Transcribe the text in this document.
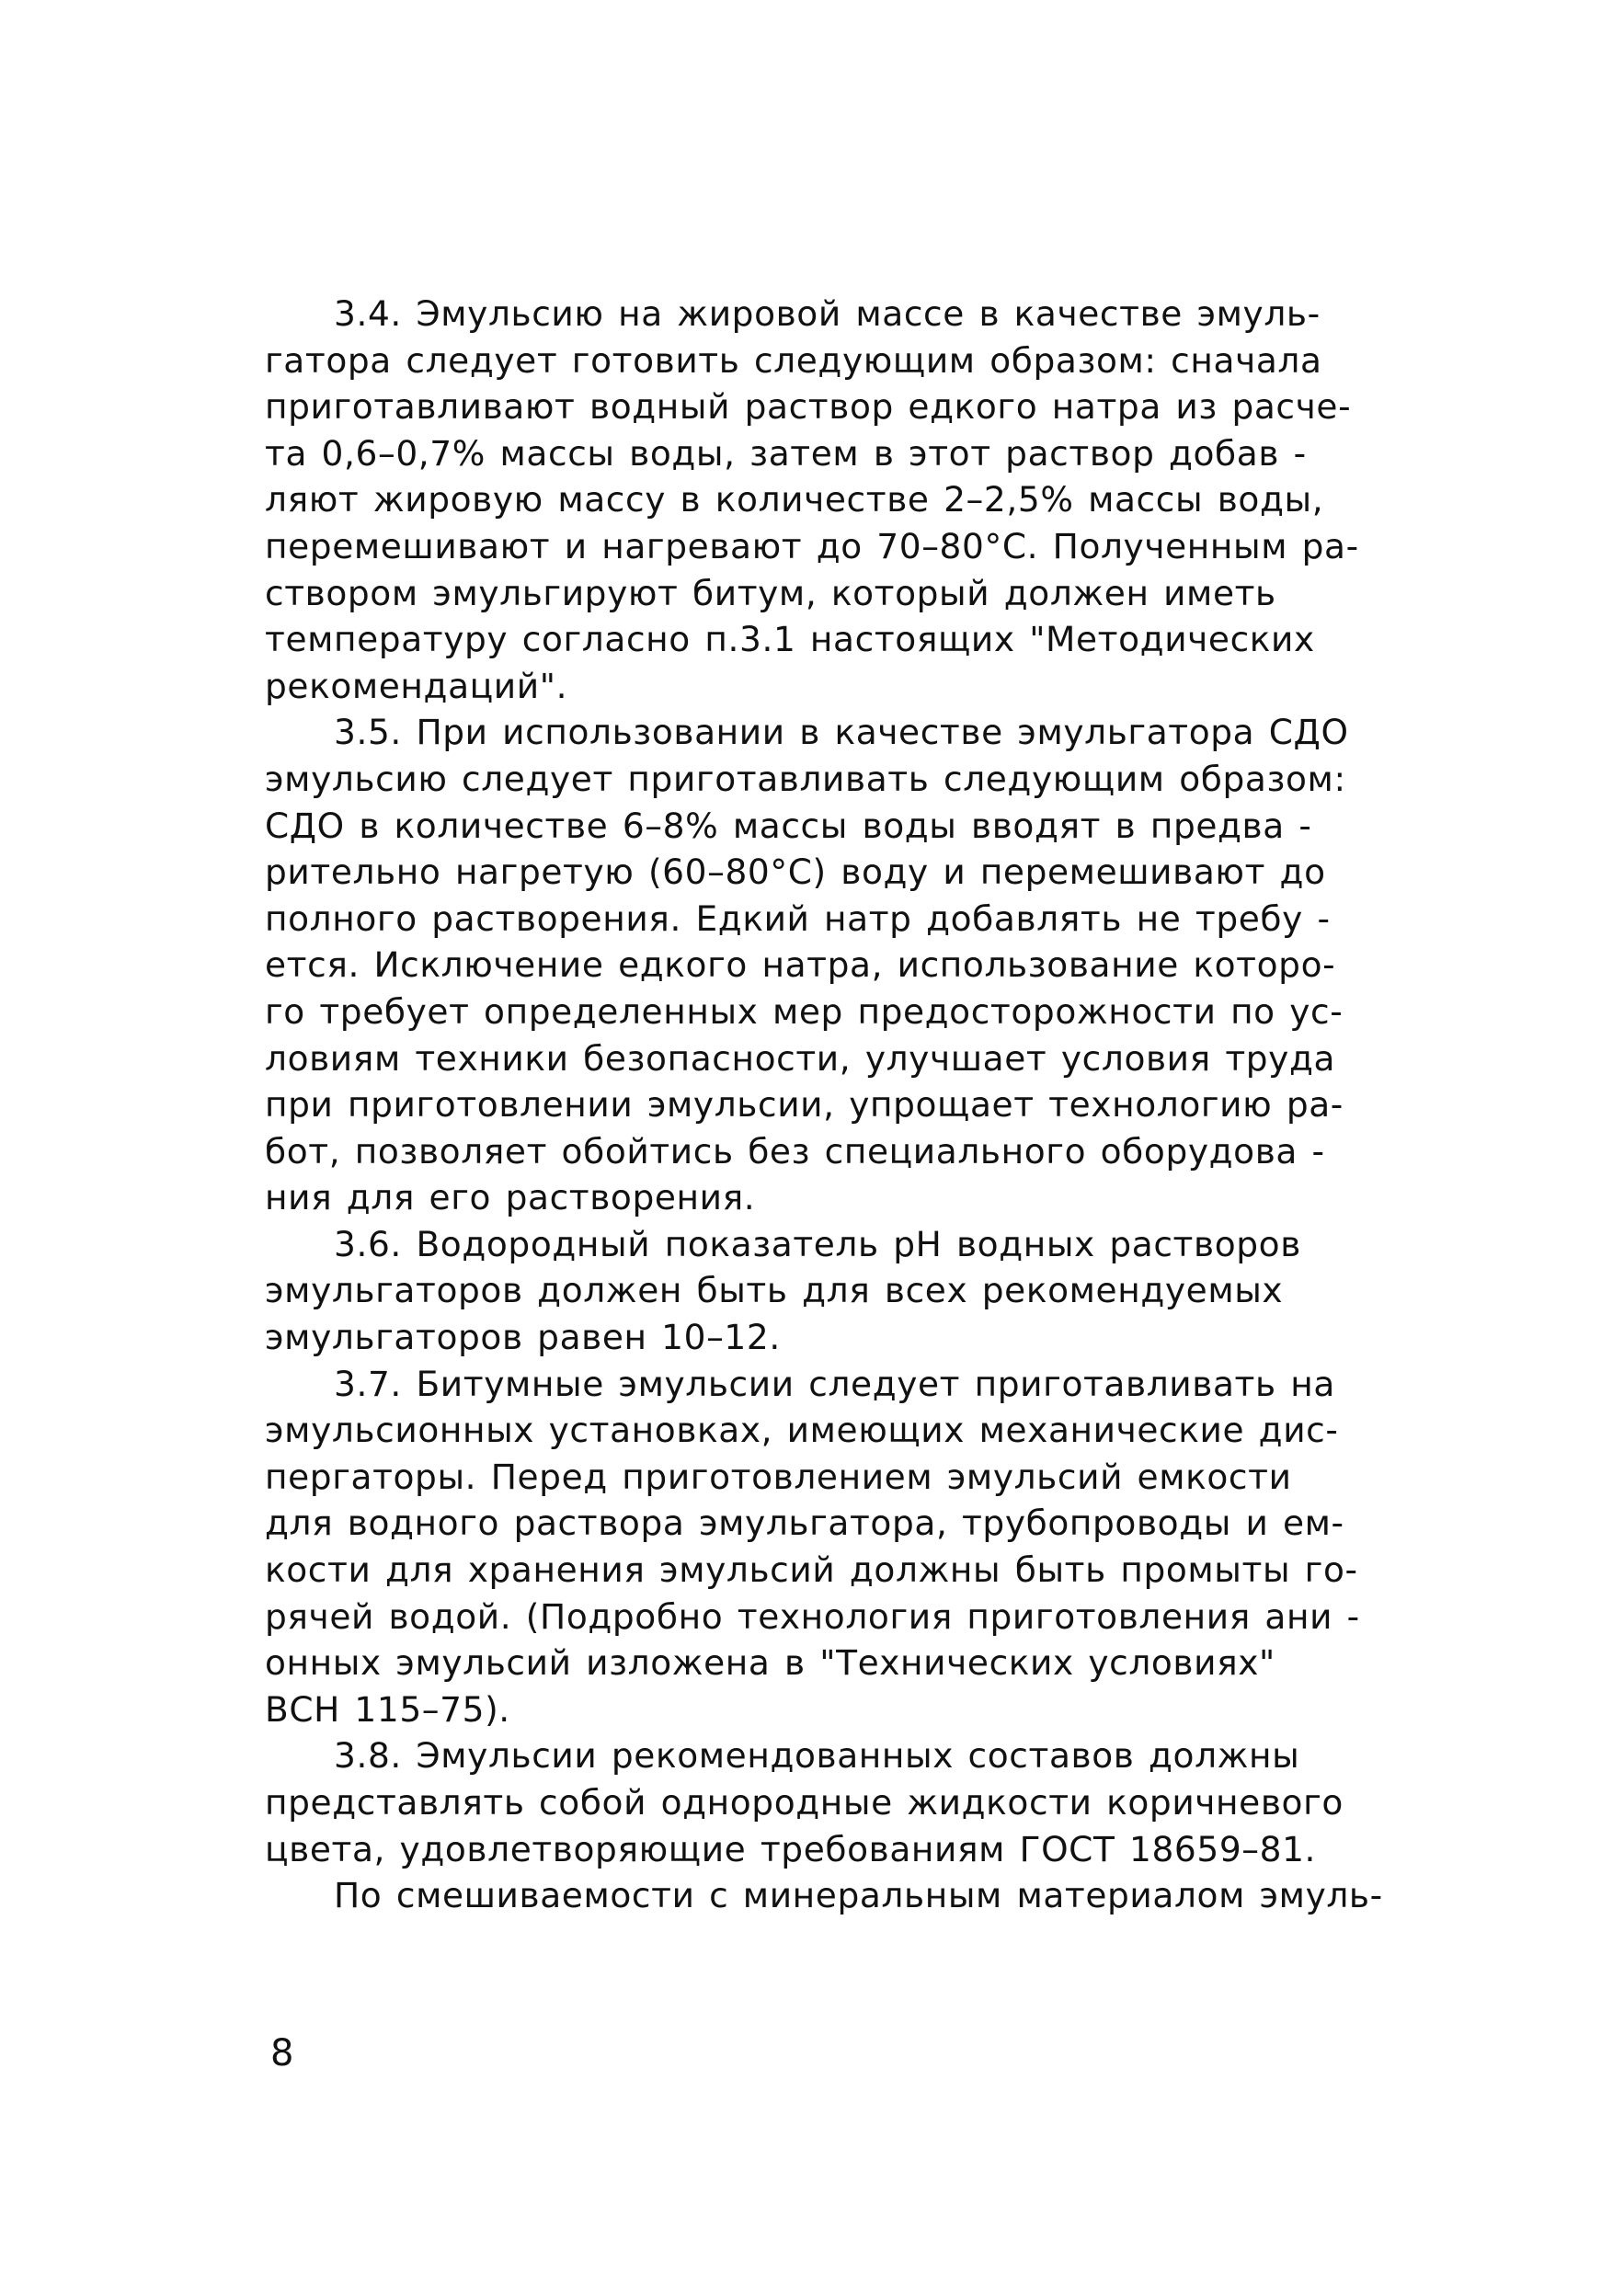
3.4. Эмульсию на жировой массе в качестве эмуль-
гатора следует готовить следующим образом: сначала
приготавливают водный раствор едкого натра из расче-
та 0,6–0,7% массы воды, затем в этот раствор добав -
ляют жировую массу в количестве 2–2,5% массы воды,
перемешивают и нагревают до 70–80°С. Полученным ра-
створом эмульгируют битум, который должен иметь
температуру согласно п.3.1 настоящих "Методических
рекомендаций".
3.5. При использовании в качестве эмульгатора СДО
эмульсию следует приготавливать следующим образом:
СДО в количестве 6–8% массы воды вводят в предва -
рительно нагретую (60–80°С) воду и перемешивают до
полного растворения. Едкий натр добавлять не требу -
ется. Исключение едкого натра, использование которо-
го требует определенных мер предосторожности по ус-
ловиям техники безопасности, улучшает условия труда
при приготовлении эмульсии, упрощает технологию ра-
бот, позволяет обойтись без специального оборудова -
ния для его растворения.
3.6. Водородный показатель pH водных растворов
эмульгаторов должен быть для всех рекомендуемых
эмульгаторов равен 10–12.
3.7. Битумные эмульсии следует приготавливать на
эмульсионных установках, имеющих механические дис-
пергаторы. Перед приготовлением эмульсий емкости
для водного раствора эмульгатора, трубопроводы и ем-
кости для хранения эмульсий должны быть промыты го-
рячей водой. (Подробно технология приготовления ани -
онных эмульсий изложена в "Технических условиях"
ВСН 115–75).
3.8. Эмульсии рекомендованных составов должны
представлять собой однородные жидкости коричневого
цвета, удовлетворяющие требованиям ГОСТ 18659–81.
По смешиваемости с минеральным материалом эмуль-
8
